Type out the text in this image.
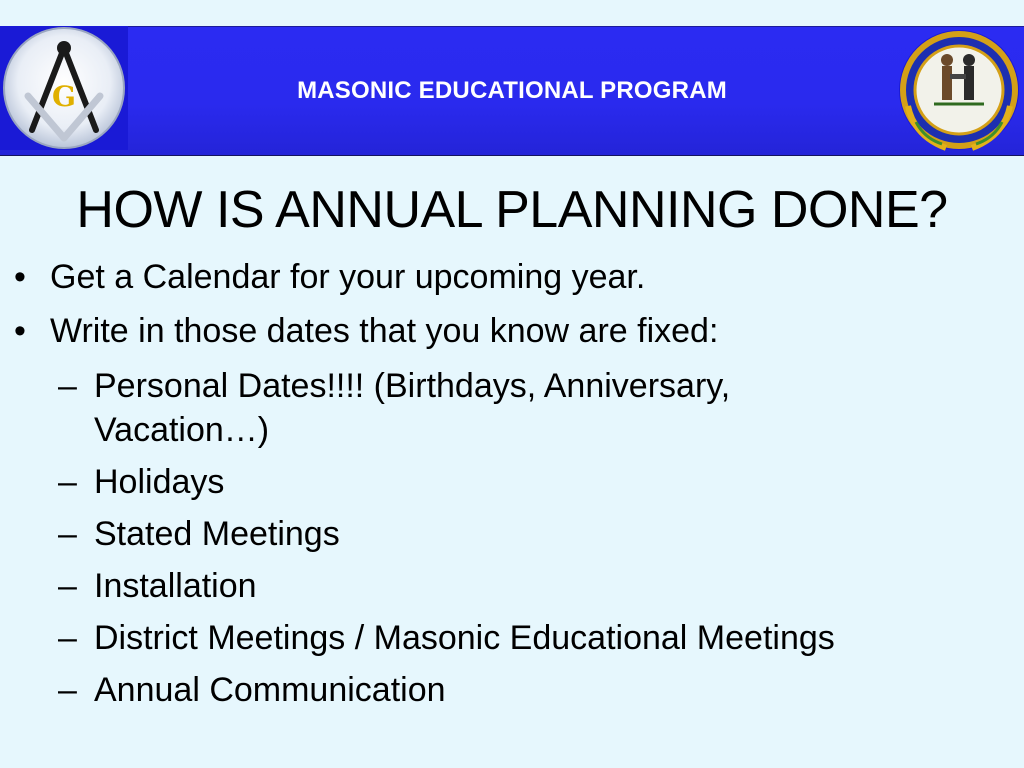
MASONIC EDUCATIONAL PROGRAM
G
HOW IS ANNUAL PLANNING DONE?
• Get a Calendar for your upcoming year.
• Write in those dates that you know are fixed:
– Personal Dates!!!! (Birthdays, Anniversary, Vacation…)
– Holidays
– Stated Meetings
– Installation
– District Meetings / Masonic Educational Meetings
– Annual Communication
